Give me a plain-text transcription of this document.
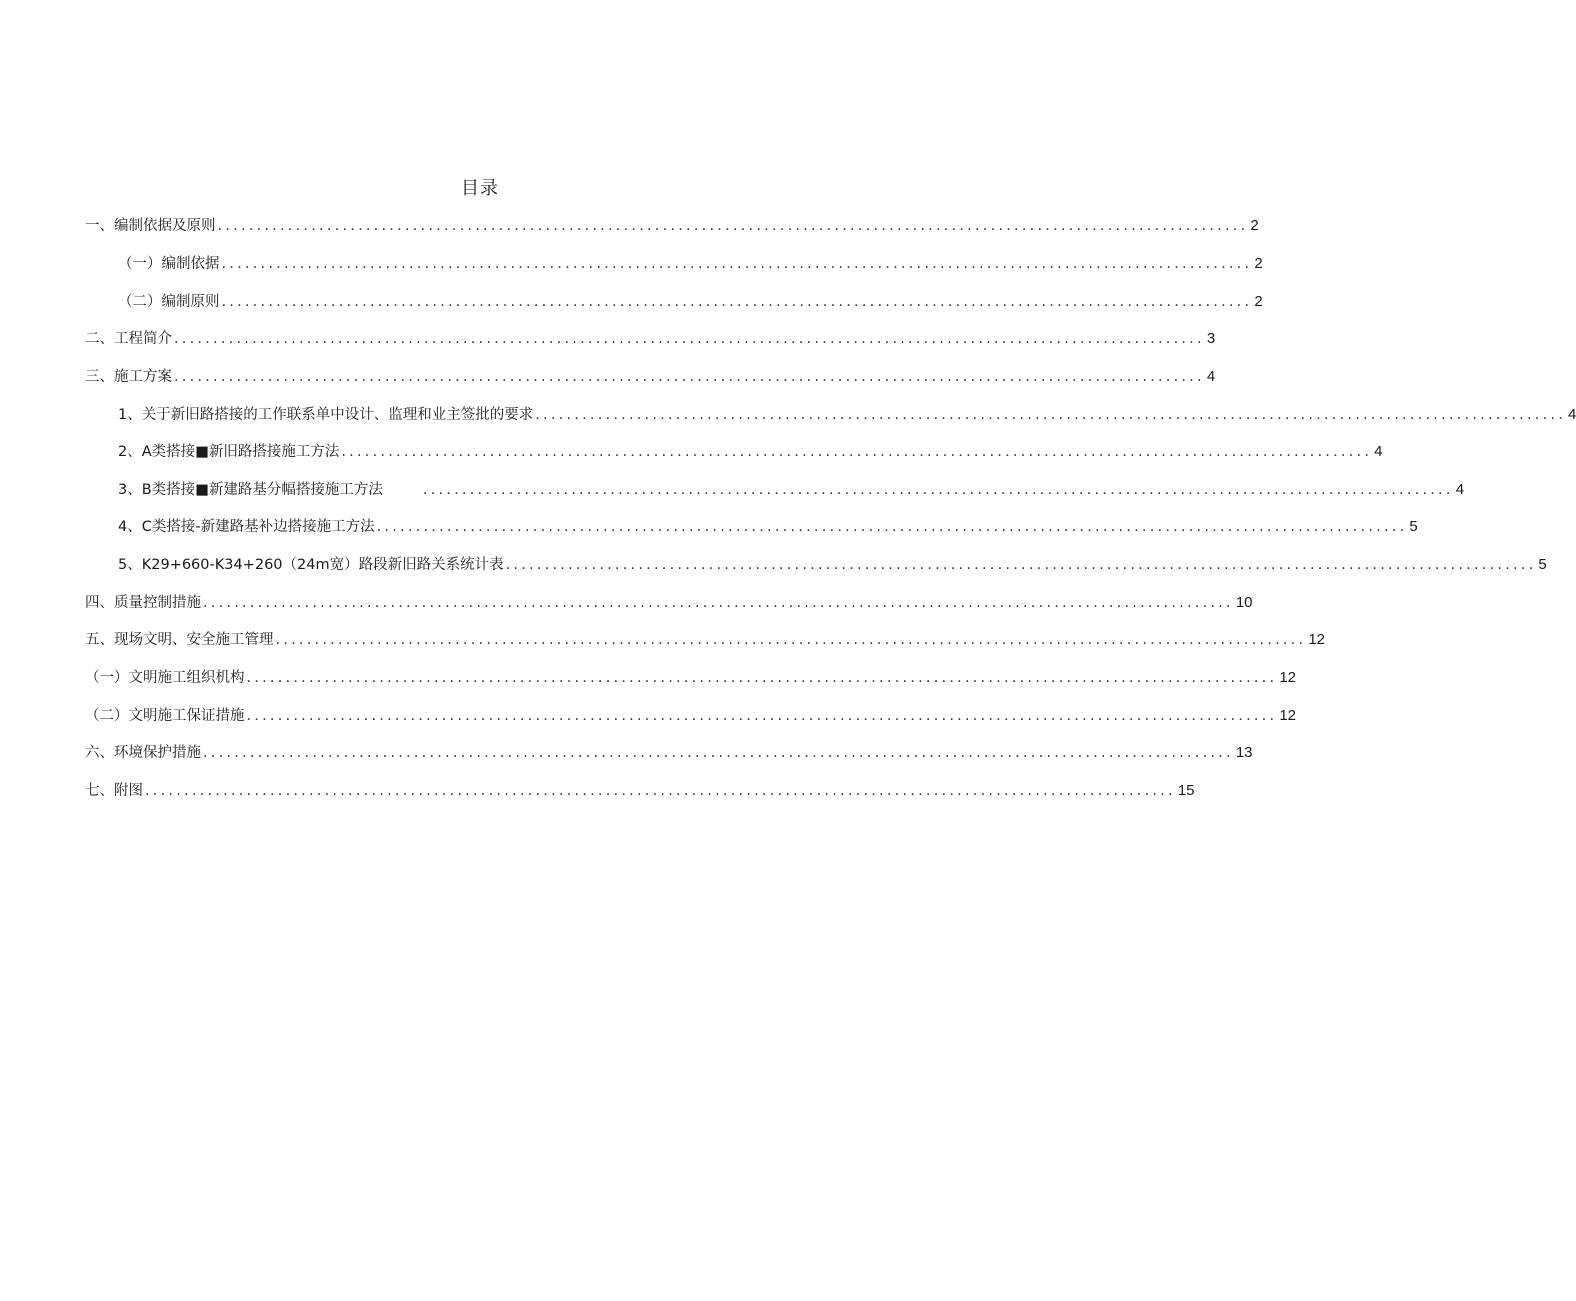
目录
一、编制依据及原则 .................................................................................................................................... 2
（一）编制依据 .................................................................................................................................... 2
（二）编制原则 .................................................................................................................................... 2
二、工程简介 .................................................................................................................................... 3
三、施工方案 .................................................................................................................................... 4
1、关于新旧路搭接的工作联系单中设计、监理和业主签批的要求 .................................................................................................................................... 4
2、A类搭接■新旧路搭接施工方法 .................................................................................................................................... 4
3、B类搭接■新建路基分幅搭接施工方法	.................................................................................................................................... 4
4、C类搭接-新建路基补边搭接施工方法 .................................................................................................................................... 5
5、K29+660-K34+260（24m宽）路段新旧路关系统计表 .................................................................................................................................... 5
四、质量控制措施 .................................................................................................................................... 10
五、现场文明、安全施工管理 .................................................................................................................................... 12
（一）文明施工组织机构 .................................................................................................................................... 12
（二）文明施工保证措施 .................................................................................................................................... 12
六、环境保护措施 .................................................................................................................................... 13
七、附图 .................................................................................................................................... 15
